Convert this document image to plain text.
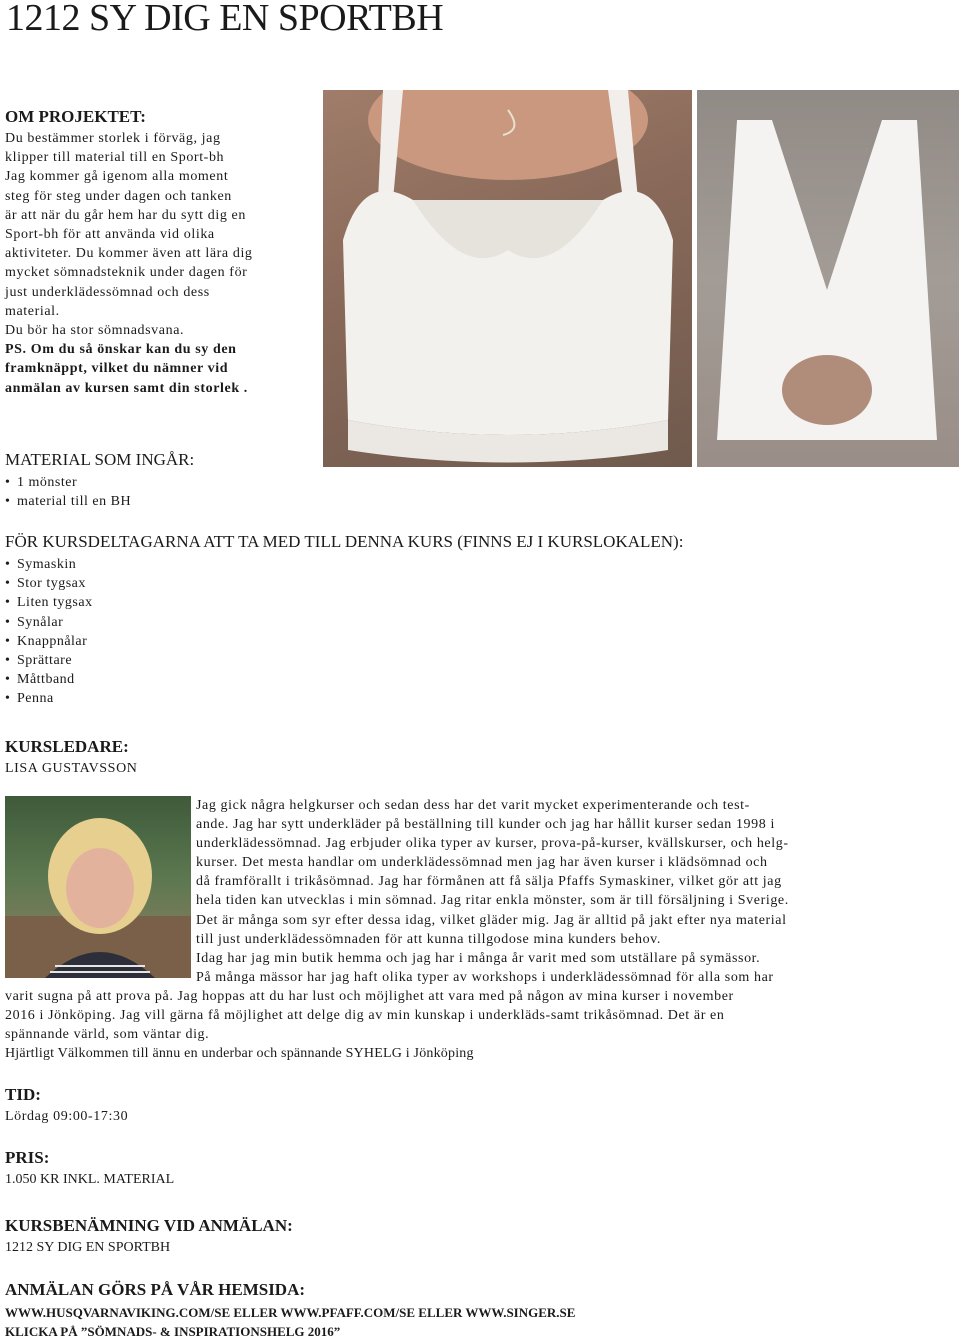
1212 SY DIG EN SPORTBH

OM PROJEKTET:

Du bestämmer storlek i förväg, jag

klipper till material till en Sport-bh

Jag kommer gå igenom alla moment

steg för steg under dagen och tanken

är att när du går hem har du sytt dig en

Sport-bh för att använda vid olika

aktiviteter. Du kommer även att lära dig

mycket sömnadsteknik under dagen för

just underklädessömnad och dess

material.

Du bör ha stor sömnadsvana.

PS. Om du så önskar kan du sy den

framknäppt, vilket du nämner vid

anmälan av kursen samt din storlek .

MATERIAL SOM INGÅR:

• 1 mönster
• material till en BH

FÖR KURSDELTAGARNA ATT TA MED TILL DENNA KURS (FINNS EJ I KURSLOKALEN):

• Symaskin
• Stor tygsax
• Liten tygsax
• Synålar
• Knappnålar
• Sprättare
• Måttband
• Penna

KURSLEDARE:

LISA GUSTAVSSON

Jag gick några helgkurser och sedan dess har det varit mycket experimenterande och test-

ande. Jag har sytt underkläder på beställning till kunder och jag har hållit kurser sedan 1998 i

underklädessömnad. Jag erbjuder olika typer av kurser, prova-på-kurser, kvällskurser, och helg-

kurser. Det mesta handlar om underklädessömnad men jag har även kurser i klädsömnad och

då framförallt i trikåsömnad. Jag har förmånen att få sälja Pfaffs Symaskiner, vilket gör att jag

hela tiden kan utvecklas i min sömnad. Jag ritar enkla mönster, som är till försäljning i Sverige.

Det är många som syr efter dessa idag, vilket gläder mig. Jag är alltid på jakt efter nya material

till just underklädessömnaden för att kunna tillgodose mina kunders behov.

Idag har jag min butik hemma och jag har i många år varit med som utställare på symässor.

På många mässor har jag haft olika typer av workshops i underklädessömnad för alla som har

varit sugna på att prova på. Jag hoppas att du har lust och möjlighet att vara med på någon av mina kurser i november

2016 i Jönköping. Jag vill gärna få möjlighet att delge dig av min kunskap i underkläds-samt trikåsömnad. Det är en

spännande värld, som väntar dig.

Hjärtligt Välkommen till ännu en underbar och spännande SYHELG i Jönköping

TID:

Lördag 09:00-17:30

PRIS:

1.050 KR INKL. MATERIAL

KURSBENÄMNING VID ANMÄLAN:

1212 SY DIG EN SPORTBH

ANMÄLAN GÖRS PÅ VÅR HEMSIDA:

WWW.HUSQVARNAVIKING.COM/SE ELLER WWW.PFAFF.COM/SE ELLER WWW.SINGER.SE

KLICKA PÅ ”SÖMNADS- & INSPIRATIONSHELG 2016”
